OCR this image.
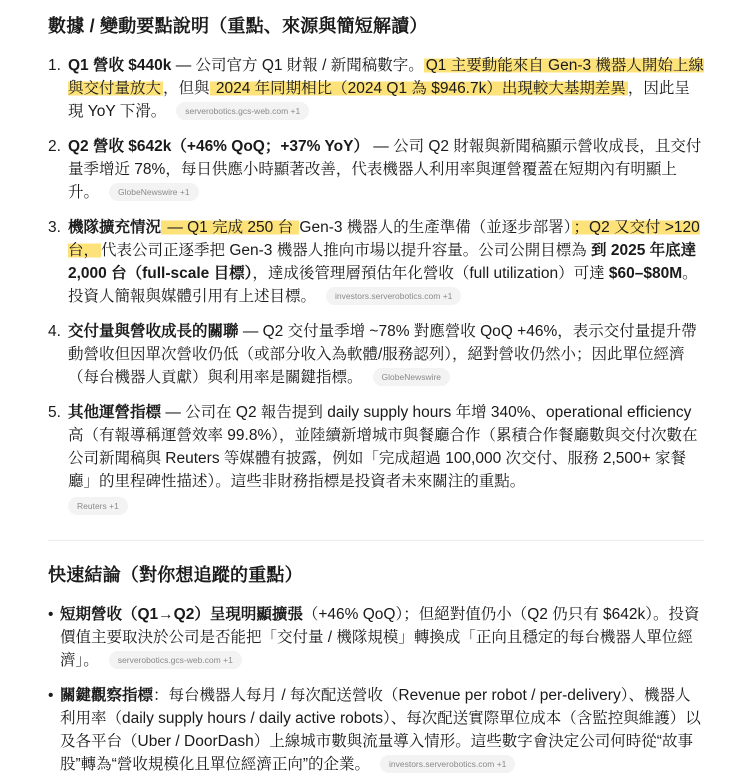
數據 / 變動要點說明（重點、來源與簡短解讀）
1. Q1 營收 $440k — 公司官方 Q1 財報 / 新聞稿數字。 Q1 主要動能來自 Gen-3 機器人開始上線與交付量放大 ，但與 2024 年同期相比（2024 Q1 為 $946.7k）出現較大基期差異 ，因此呈現 YoY 下滑。 serverobotics.gcs-web.com +1
2. Q2 營收 $642k（+46% QoQ；+37% YoY） — 公司 Q2 財報與新聞稿顯示營收成長，且交付量季增近 78%，每日供應小時顯著改善，代表機器人利用率與運營覆蓋在短期內有明顯上升。 GlobeNewswire +1
3. 機隊擴充情況 — Q1 完成 250 台 Gen-3 機器人的生產準備（並逐步部署） ；Q2 又交付 >120 台， 代表公司正逐季把 Gen-3 機器人推向市場以提升容量。公司公開目標為 到 2025 年底達 2,000 台（full-scale 目標），達成後管理層預估年化營收（full utilization）可達 $60–$80M。投資人簡報與媒體引用有上述目標。 investors.serverobotics.com +1
4. 交付量與營收成長的關聯 — Q2 交付量季增 ~78% 對應營收 QoQ +46%，表示交付量提升帶動營收但因單次營收仍低（或部分收入為軟體/服務認列），絕對營收仍然小；因此單位經濟（每台機器人貢獻）與利用率是關鍵指標。 GlobeNewswire
5. 其他運營指標 — 公司在 Q2 報告提到 daily supply hours 年增 340%、operational efficiency 高（有報導稱運營效率 99.8%），並陸續新增城市與餐廳合作（累積合作餐廳數與交付次數在公司新聞稿與 Reuters 等媒體有披露，例如「完成超過 100,000 次交付、服務 2,500+ 家餐廳」的里程碑性描述）。這些非財務指標是投資者未來關注的重點。
Reuters +1
快速結論（對你想追蹤的重點）
• 短期營收（Q1→Q2）呈現明顯擴張（+46% QoQ）；但絕對值仍小（Q2 仍只有 $642k）。投資價值主要取決於公司是否能把「交付量 / 機隊規模」轉換成「正向且穩定的每台機器人單位經濟」。 serverobotics.gcs-web.com +1
• 關鍵觀察指標：每台機器人每月 / 每次配送營收（Revenue per robot / per-delivery）、機器人利用率（daily supply hours / daily active robots）、每次配送實際單位成本（含監控與維護）以及各平台（Uber / DoorDash）上線城市數與流量導入情形。這些數字會決定公司何時從“故事股”轉為“營收規模化且單位經濟正向”的企業。 investors.serverobotics.com +1
